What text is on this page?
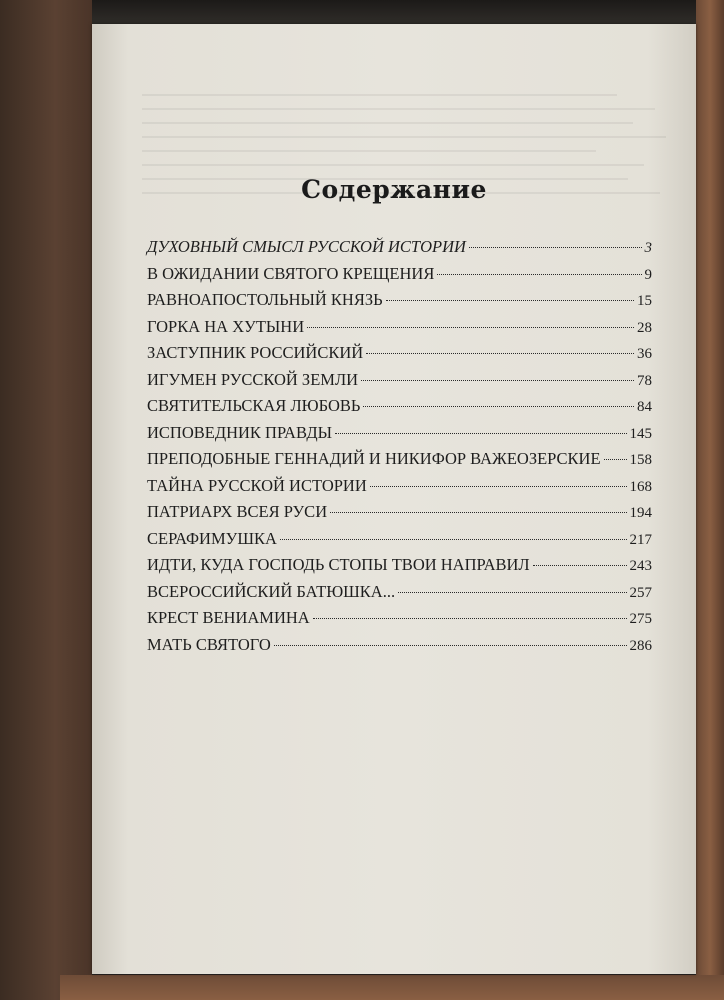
Содержание
ДУХОВНЫЙ СМЫСЛ РУССКОЙ ИСТОРИИ	3
В ОЖИДАНИИ СВЯТОГО КРЕЩЕНИЯ	9
РАВНОАПОСТОЛЬНЫЙ КНЯЗЬ	15
ГОРКА НА ХУТЫНИ	28
ЗАСТУПНИК РОССИЙСКИЙ	36
ИГУМЕН РУССКОЙ ЗЕМЛИ	78
СВЯТИТЕЛЬСКАЯ ЛЮБОВЬ	84
ИСПОВЕДНИК ПРАВДЫ	145
ПРЕПОДОБНЫЕ ГЕННАДИЙ И НИКИФОР ВАЖЕОЗЕРСКИЕ 158
ТАЙНА РУССКОЙ ИСТОРИИ	168
ПАТРИАРХ ВСЕЯ РУСИ	194
СЕРАФИМУШКА	217
ИДТИ, КУДА ГОСПОДЬ СТОПЫ ТВОИ НАПРАВИЛ	243
ВСЕРОССИЙСКИЙ БАТЮШКА...	257
КРЕСТ ВЕНИАМИНА	275
МАТЬ СВЯТОГО	286
